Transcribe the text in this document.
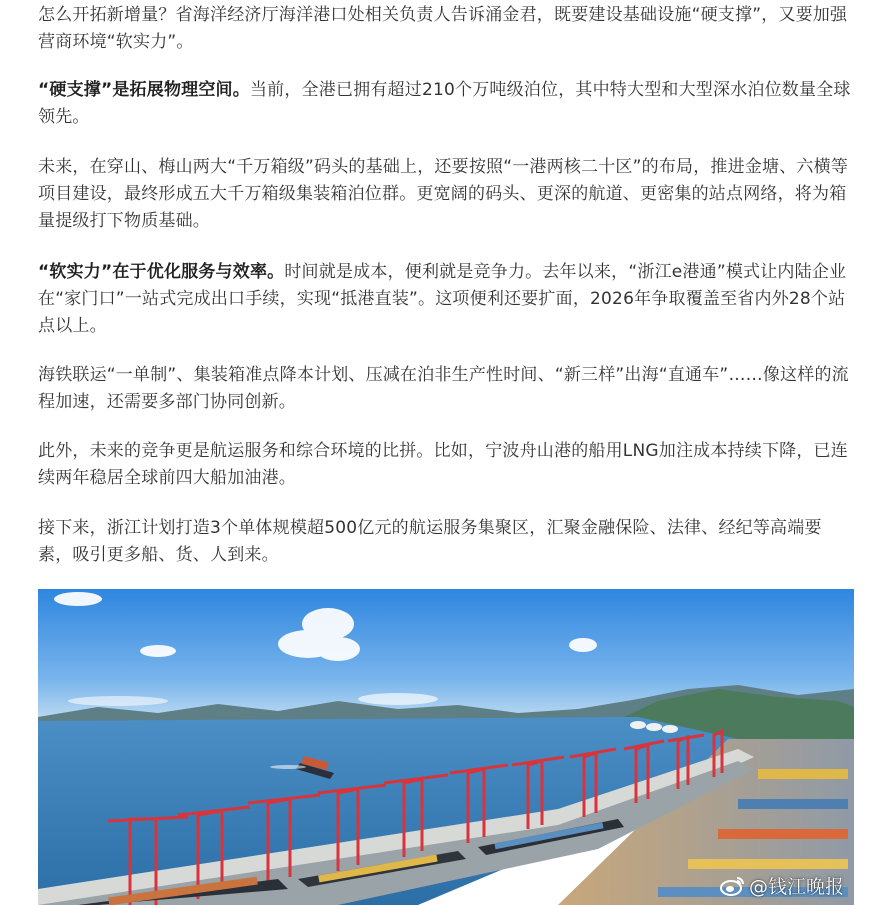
怎么开拓新增量？省海洋经济厅海洋港口处相关负责人告诉涌金君，既要建设基础设施“硬支撑”，又要加强营商环境“软实力”。

“硬支撑”是拓展物理空间。当前，全港已拥有超过210个万吨级泊位，其中特大型和大型深水泊位数量全球领先。

未来，在穿山、梅山两大“千万箱级”码头的基础上，还要按照“一港两核二十区”的布局，推进金塘、六横等项目建设，最终形成五大千万箱级集装箱泊位群。更宽阔的码头、更深的航道、更密集的站点网络，将为箱量提级打下物质基础。

“软实力”在于优化服务与效率。时间就是成本，便利就是竞争力。去年以来，“浙江e港通”模式让内陆企业在“家门口”一站式完成出口手续，实现“抵港直装”。这项便利还要扩面，2026年争取覆盖至省内外28个站点以上。

海铁联运“一单制”、集装箱准点降本计划、压减在泊非生产性时间、“新三样”出海“直通车”……像这样的流程加速，还需要多部门协同创新。

此外，未来的竞争更是航运服务和综合环境的比拼。比如，宁波舟山港的船用LNG加注成本持续下降，已连续两年稳居全球前四大船加油港。

接下来，浙江计划打造3个单体规模超500亿元的航运服务集聚区，汇聚金融保险、法律、经纪等高端要素，吸引更多船、货、人到来。

@钱江晚报
